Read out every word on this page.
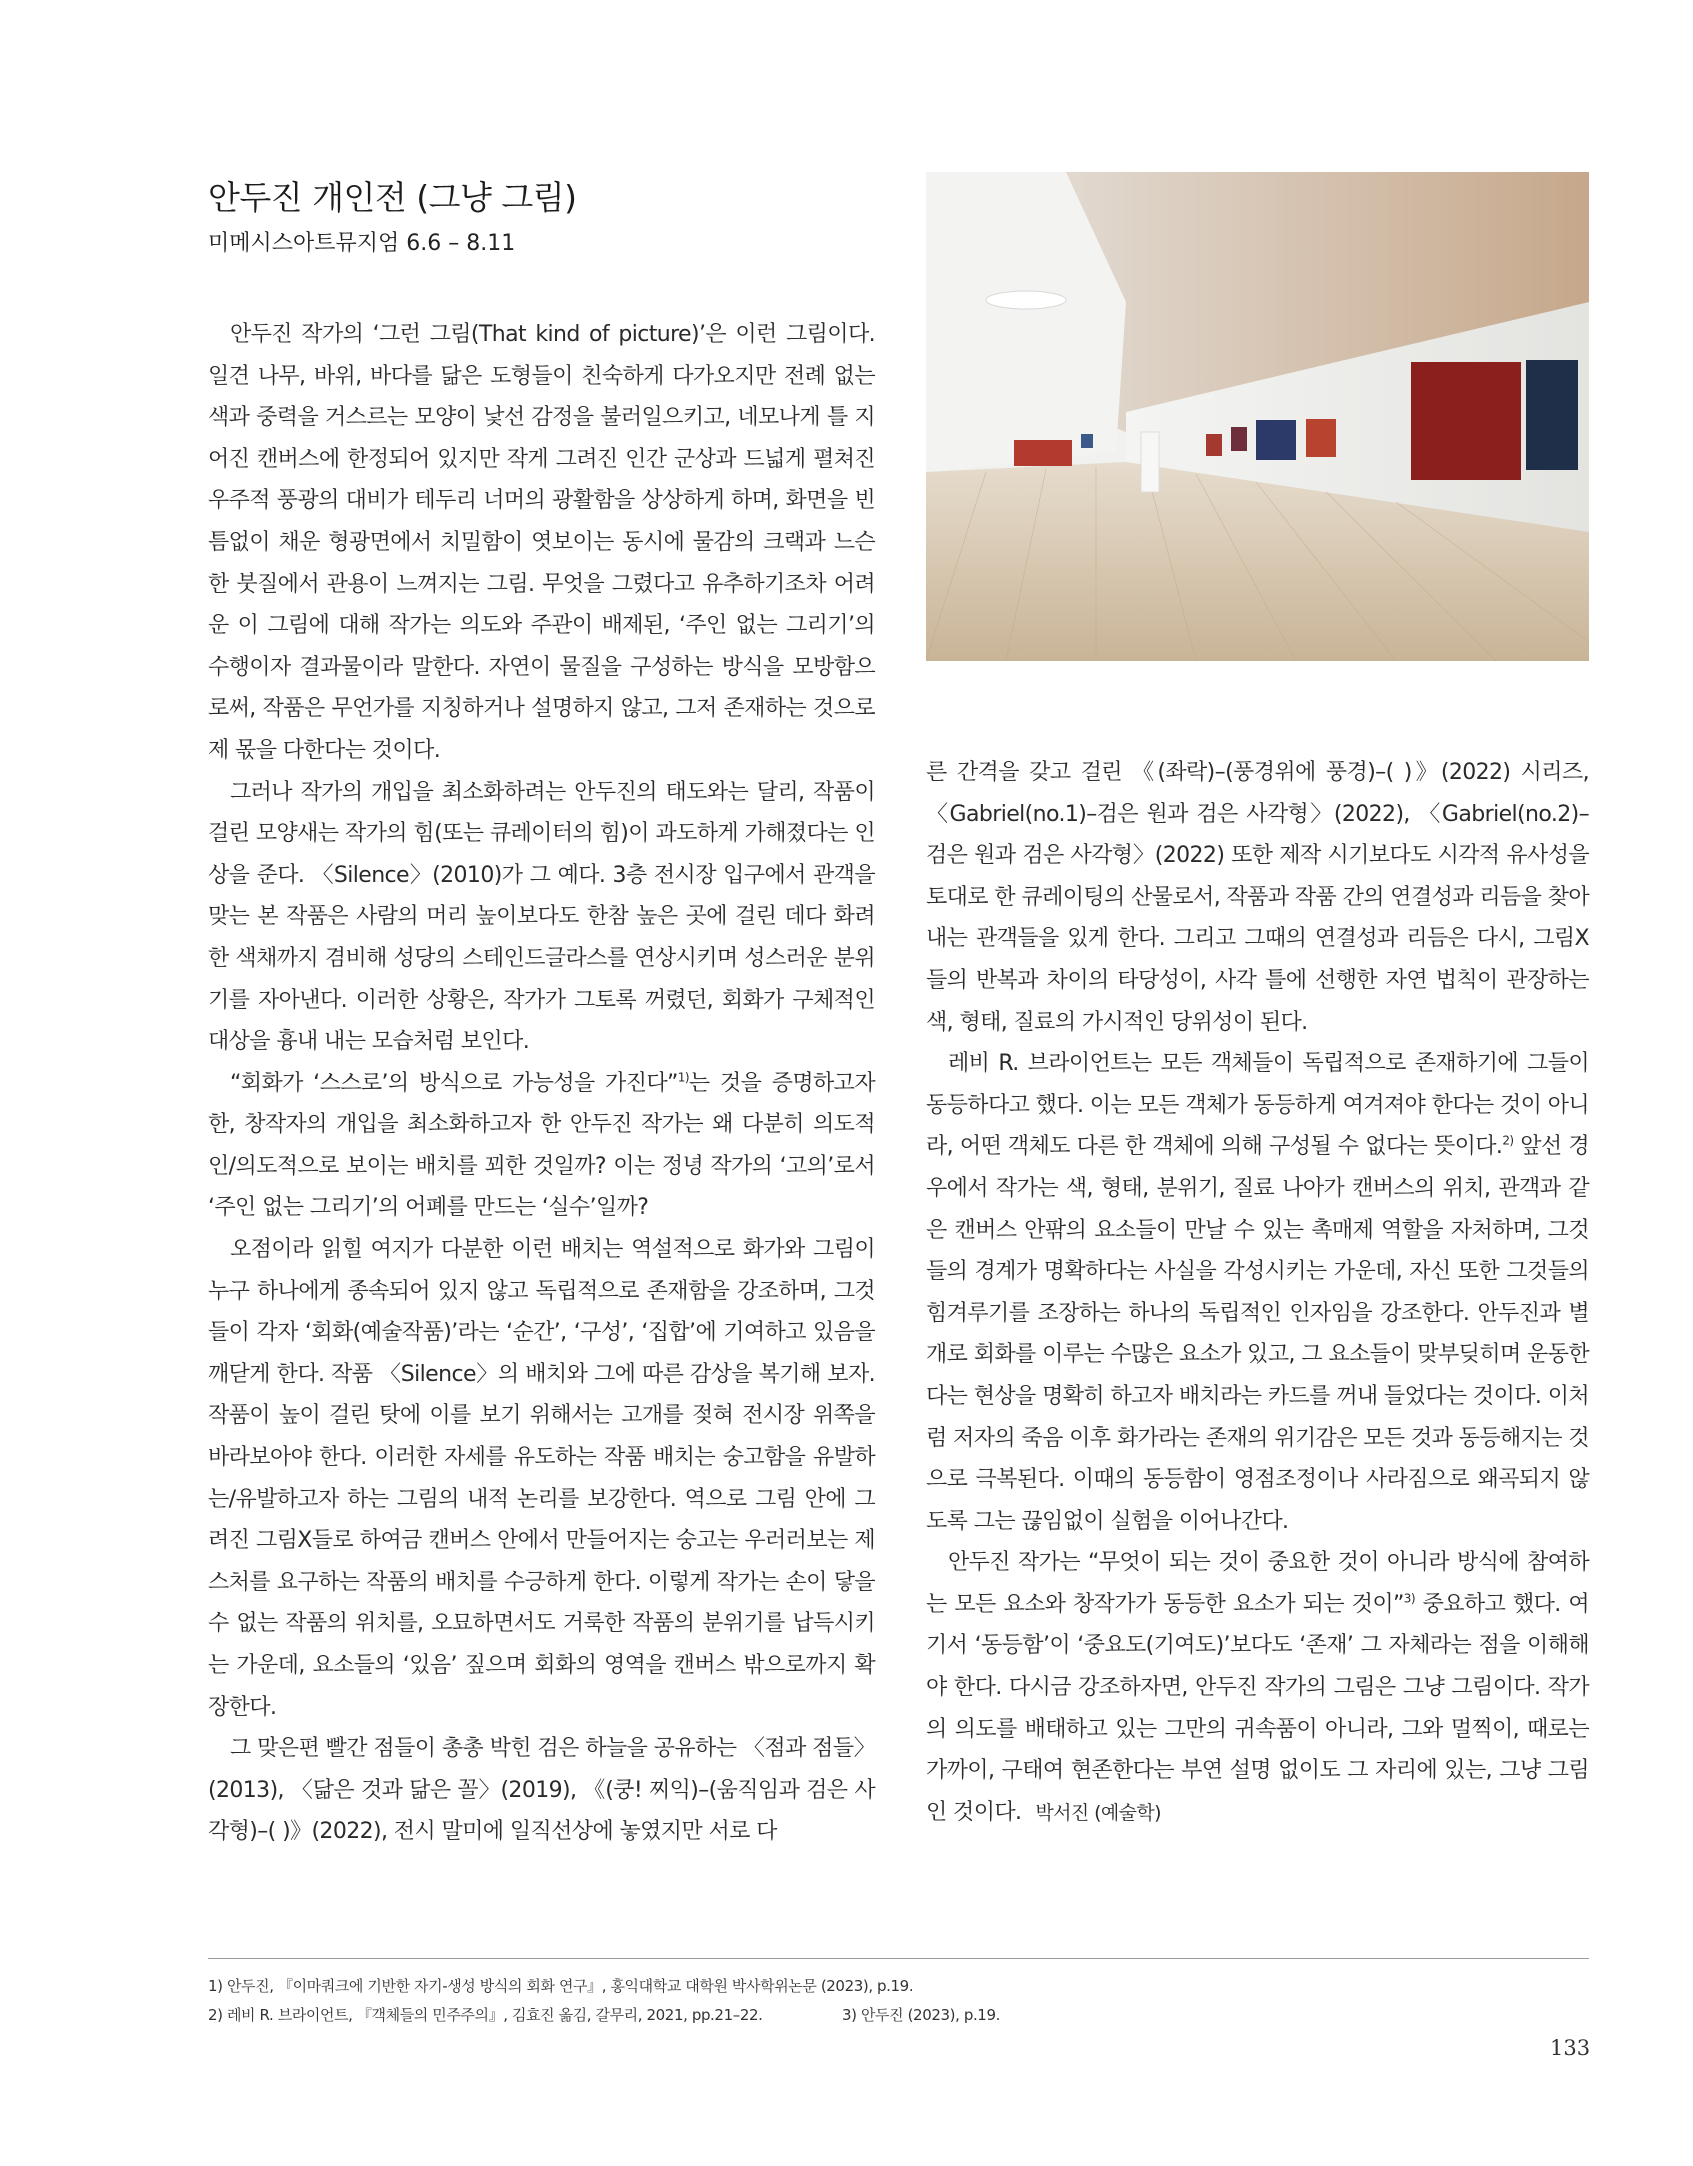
안두진 개인전 (그냥 그림)
미메시스아트뮤지엄 6.6 – 8.11

안두진 작가의 ‘그런 그림(That kind of picture)’은 이런 그림이다. 일견 나무, 바위, 바다를 닮은 도형들이 친숙하게 다가오지만 전례 없는 색과 중력을 거스르는 모양이 낯선 감정을 불러일으키고, 네모나게 틀 지어진 캔버스에 한정되어 있지만 작게 그려진 인간 군상과 드넓게 펼쳐진 우주적 풍광의 대비가 테두리 너머의 광활함을 상상하게 하며, 화면을 빈틈없이 채운 형광면에서 치밀함이 엿보이는 동시에 물감의 크랙과 느슨한 붓질에서 관용이 느껴지는 그림. 무엇을 그렸다고 유추하기조차 어려운 이 그림에 대해 작가는 의도와 주관이 배제된, ‘주인 없는 그리기’의 수행이자 결과물이라 말한다. 자연이 물질을 구성하는 방식을 모방함으로써, 작품은 무언가를 지칭하거나 설명하지 않고, 그저 존재하는 것으로 제 몫을 다한다는 것이다.

그러나 작가의 개입을 최소화하려는 안두진의 태도와는 달리, 작품이 걸린 모양새는 작가의 힘(또는 큐레이터의 힘)이 과도하게 가해졌다는 인상을 준다. 〈Silence〉(2010)가 그 예다. 3층 전시장 입구에서 관객을 맞는 본 작품은 사람의 머리 높이보다도 한참 높은 곳에 걸린 데다 화려한 색채까지 겸비해 성당의 스테인드글라스를 연상시키며 성스러운 분위기를 자아낸다. 이러한 상황은, 작가가 그토록 꺼렸던, 회화가 구체적인 대상을 흉내 내는 모습처럼 보인다.

“회화가 ‘스스로’의 방식으로 가능성을 가진다”$^{1)}$는 것을 증명하고자 한, 창작자의 개입을 최소화하고자 한 안두진 작가는 왜 다분히 의도적인/의도적으로 보이는 배치를 꾀한 것일까? 이는 정녕 작가의 ‘고의’로서 ‘주인 없는 그리기’의 어폐를 만드는 ‘실수’일까?

오점이라 읽힐 여지가 다분한 이런 배치는 역설적으로 화가와 그림이 누구 하나에게 종속되어 있지 않고 독립적으로 존재함을 강조하며, 그것들이 각자 ‘회화(예술작품)’라는 ‘순간’, ‘구성’, ‘집합’에 기여하고 있음을 깨닫게 한다. 작품 〈Silence〉의 배치와 그에 따른 감상을 복기해 보자. 작품이 높이 걸린 탓에 이를 보기 위해서는 고개를 젖혀 전시장 위쪽을 바라보아야 한다. 이러한 자세를 유도하는 작품 배치는 숭고함을 유발하는/유발하고자 하는 그림의 내적 논리를 보강한다. 역으로 그림 안에 그려진 그림X들로 하여금 캔버스 안에서 만들어지는 숭고는 우러러보는 제스처를 요구하는 작품의 배치를 수긍하게 한다. 이렇게 작가는 손이 닿을 수 없는 작품의 위치를, 오묘하면서도 거룩한 작품의 분위기를 납득시키는 가운데, 요소들의 ‘있음’ 짚으며 회화의 영역을 캔버스 밖으로까지 확장한다.

그 맞은편 빨간 점들이 총총 박힌 검은 하늘을 공유하는 〈점과 점들〉(2013), 〈닮은 것과 닮은 꼴〉(2019), 《(쿵! 찌익)–(움직임과 검은 사각형)–( )》(2022), 전시 말미에 일직선상에 놓였지만 서로 다

른 간격을 갖고 걸린 《(좌락)–(풍경위에 풍경)–( )》(2022) 시리즈, 〈Gabriel(no.1)–검은 원과 검은 사각형〉(2022), 〈Gabriel(no.2)–검은 원과 검은 사각형〉(2022) 또한 제작 시기보다도 시각적 유사성을 토대로 한 큐레이팅의 산물로서, 작품과 작품 간의 연결성과 리듬을 찾아내는 관객들을 있게 한다. 그리고 그때의 연결성과 리듬은 다시, 그림X들의 반복과 차이의 타당성이, 사각 틀에 선행한 자연 법칙이 관장하는 색, 형태, 질료의 가시적인 당위성이 된다.

레비 R. 브라이언트는 모든 객체들이 독립적으로 존재하기에 그들이 동등하다고 했다. 이는 모든 객체가 동등하게 여겨져야 한다는 것이 아니라, 어떤 객체도 다른 한 객체에 의해 구성될 수 없다는 뜻이다.$^{2)}$ 앞선 경우에서 작가는 색, 형태, 분위기, 질료 나아가 캔버스의 위치, 관객과 같은 캔버스 안팎의 요소들이 만날 수 있는 촉매제 역할을 자처하며, 그것들의 경계가 명확하다는 사실을 각성시키는 가운데, 자신 또한 그것들의 힘겨루기를 조장하는 하나의 독립적인 인자임을 강조한다. 안두진과 별개로 회화를 이루는 수많은 요소가 있고, 그 요소들이 맞부딪히며 운동한다는 현상을 명확히 하고자 배치라는 카드를 꺼내 들었다는 것이다. 이처럼 저자의 죽음 이후 화가라는 존재의 위기감은 모든 것과 동등해지는 것으로 극복된다. 이때의 동등함이 영점조정이나 사라짐으로 왜곡되지 않도록 그는 끊임없이 실험을 이어나간다.

안두진 작가는 “무엇이 되는 것이 중요한 것이 아니라 방식에 참여하는 모든 요소와 창작가가 동등한 요소가 되는 것이”$^{3)}$ 중요하고 했다. 여기서 ‘동등함’이 ‘중요도(기여도)’보다도 ‘존재’ 그 자체라는 점을 이해해야 한다. 다시금 강조하자면, 안두진 작가의 그림은 그냥 그림이다. 작가의 의도를 배태하고 있는 그만의 귀속품이 아니라, 그와 멀찍이, 때로는 가까이, 구태여 현존한다는 부연 설명 없이도 그 자리에 있는, 그냥 그림인 것이다. 박서진 (예술학)

1) 안두진, 『이마쿼크에 기반한 자기-생성 방식의 회화 연구』, 홍익대학교 대학원 박사학위논문 (2023), p.19.
2) 레비 R. 브라이언트, 『객체들의 민주주의』, 김효진 옮김, 갈무리, 2021, pp.21–22.	3) 안두진 (2023), p.19.
133
